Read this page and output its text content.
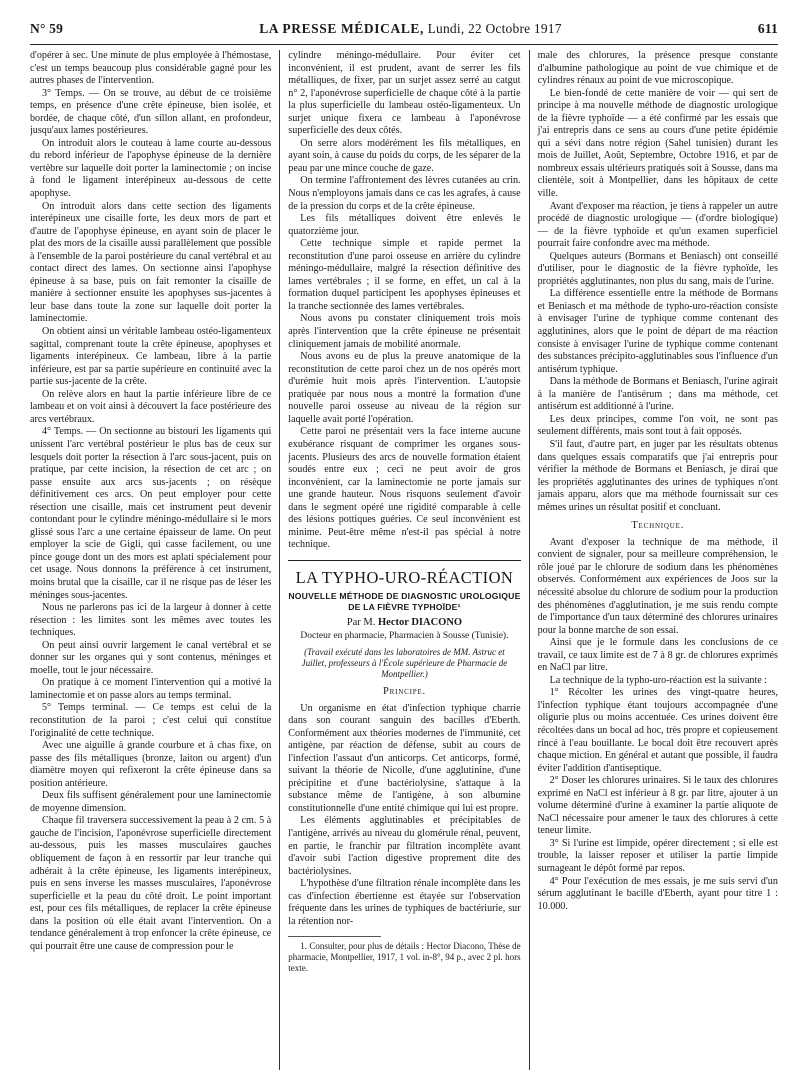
N° 59	LA PRESSE MÉDICALE, Lundi, 22 Octobre 1917	611

d'opérer à sec. Une minute de plus employée à l'hémostase, c'est un temps beaucoup plus considérable gagné pour les autres phases de l'intervention.

3° Temps. — On se trouve, au début de ce troisième temps, en présence d'une crête épineuse, bien isolée, et bordée, de chaque côté, d'un sillon allant, en profondeur, jusqu'aux lames postérieures.

On introduit alors le couteau à lame courte au-dessous du rebord inférieur de l'apophyse épineuse de la dernière vertèbre sur laquelle doit porter la laminectomie ; on incise à fond le ligament interépineux au-dessous de cette apophyse.

On introduit alors dans cette section des ligaments interépineux une cisaille forte, les deux mors de part et d'autre de l'apophyse épineuse, en ayant soin de placer le plat des mors de la cisaille aussi parallèlement que possible à l'ensemble de la paroi postérieure du canal vertébral et au contact direct des lames. On sectionne ainsi l'apophyse épineuse à sa base, puis on fait remonter la cisaille de manière à sectionner ensuite les apophyses sus-jacentes à leur base dans toute la zone sur laquelle doit porter la laminectomie.

On obtient ainsi un véritable lambeau ostéo-ligamenteux sagittal, comprenant toute la crête épineuse, apophyses et ligaments interépineux. Ce lambeau, libre à la partie inférieure, est par sa partie supérieure en continuité avec la partie sus-jacente de la crête.

On relève alors en haut la partie inférieure libre de ce lambeau et on voit ainsi à découvert la face postérieure des arcs vertébraux.

4° Temps. — On sectionne au bistouri les ligaments qui unissent l'arc vertébral postérieur le plus bas de ceux sur lesquels doit porter la résection à l'arc sous-jacent, puis on pratique, par cette incision, la résection de cet arc ; on passe ensuite aux arcs sus-jacents ; on résèque définitivement ces arcs. On peut employer pour cette résection une cisaille, mais cet instrument peut devenir contondant pour le cylindre méningo-médullaire si le mors glissé sous l'arc a une certaine épaisseur de lame. On peut employer la scie de Gigli, qui casse facilement, ou une pince gouge dont un des mors est aplati spécialement pour cet usage. Nous donnons la préférence à cet instrument, moins brutal que la cisaille, car il ne risque pas de léser les méninges sous-jacentes.

Nous ne parlerons pas ici de la largeur à donner à cette résection : les limites sont les mêmes avec toutes les techniques.

On peut ainsi ouvrir largement le canal vertébral et se donner sur les organes qui y sont contenus, méninges et moelle, tout le jour nécessaire.

On pratique à ce moment l'intervention qui a motivé la laminectomie et on passe alors au temps terminal.

5° Temps terminal. — Ce temps est celui de la reconstitution de la paroi ; c'est celui qui constitue l'originalité de cette technique.

Avec une aiguille à grande courbure et à chas fixe, on passe des fils métalliques (bronze, laiton ou argent) d'un diamètre moyen qui refixeront la crête épineuse dans sa position antérieure.

Deux fils suffisent généralement pour une laminectomie de moyenne dimension.

Chaque fil traversera successivement la peau à 2 cm. 5 à gauche de l'incision, l'aponévrose superficielle directement au-dessous, puis les masses musculaires gauches obliquement de façon à en ressortir par leur tranche qui adhérait à la crête épineuse, les ligaments interépineux, puis en sens inverse les masses musculaires, l'aponévrose superficielle et la peau du côté droit. Le point important est, pour ces fils métalliques, de replacer la crête épineuse dans la position où elle était avant l'intervention. On a tendance généralement à trop enfoncer la crête épineuse, ce qui pourrait être une cause de compression pour le

cylindre méningo-médullaire. Pour éviter cet inconvénient, il est prudent, avant de serrer les fils métalliques, de fixer, par un surjet assez serré au catgut n° 2, l'aponévrose superficielle de chaque côté à la partie la plus superficielle du lambeau ostéo-ligamenteux. Un surjet unique fixera ce lambeau à l'aponévrose superficielle des deux côtés.

On serre alors modérément les fils métalliques, en ayant soin, à cause du poids du corps, de les séparer de la peau par une mince couche de gaze.

On termine l'affrontement des lèvres cutanées au crin. Nous n'employons jamais dans ce cas les agrafes, à cause de la pression du corps et de la crête épineuse.

Les fils métalliques doivent être enlevés le quatorzième jour.

Cette technique simple et rapide permet la reconstitution d'une paroi osseuse en arrière du cylindre méningo-médullaire, malgré la résection définitive des lames vertébrales ; il se forme, en effet, un cal à la formation duquel participent les apophyses épineuses et la tranche sectionnée des lames vertébrales.

Nous avons pu constater cliniquement trois mois après l'intervention que la crête épineuse ne présentait cliniquement jamais de mobilité anormale.

Nous avons eu de plus la preuve anatomique de la reconstitution de cette paroi chez un de nos opérés mort d'urémie huit mois après l'intervention. L'autopsie pratiquée par nous nous a montré la formation d'une nouvelle paroi osseuse au niveau de la région sur laquelle avait porté l'opération.

Cette paroi ne présentait vers la face interne aucune exubérance risquant de comprimer les organes sous-jacents. Plusieurs des arcs de nouvelle formation étaient soudés entre eux ; ceci ne peut avoir de gros inconvénient, car la laminectomie ne porte jamais sur une grande hauteur. Nous risquons seulement d'avoir dans le segment opéré une rigidité comparable à celle des lésions pottiques guéries. Ce seul inconvénient est minime. Peut-être même n'est-il pas spécial à notre technique.

LA TYPHO-URO-RÉACTION
NOUVELLE MÉTHODE DE DIAGNOSTIC UROLOGIQUE DE LA FIÈVRE TYPHOÏDE¹
Par M. Hector DIACONO
Docteur en pharmacie, Pharmacien à Sousse (Tunisie).
(Travail exécuté dans les laboratoires de MM. Astruc et Juillet, professeurs à l'École supérieure de Pharmacie de Montpellier.)
Principe.

Un organisme en état d'infection typhique charrie dans son courant sanguin des bacilles d'Eberth. Conformément aux théories modernes de l'immunité, cet antigène, par réaction de défense, subit au cours de l'infection l'assaut d'un anticorps. Cet anticorps, formé, suivant la théorie de Nicolle, d'une agglutinine, d'une précipitine et d'une bactériolysine, s'attaque à la substance même de l'antigène, à son albumine constitutionnelle d'une entité chimique qui lui est propre.

Les éléments agglutinables et précipitables de l'antigène, arrivés au niveau du glomérule rénal, peuvent, en partie, le franchir par filtration incomplète avant d'avoir subi l'action digestive proprement dite des bactériolysines.

L'hypothèse d'une filtration rénale incomplète dans les cas d'infection ébertienne est étayée sur l'observation fréquente dans les urines de typhiques de bactériurie, sur la rétention nor-

1. Consulter, pour plus de détails : Hector Diacono, Thèse de pharmacie, Montpellier, 1917, 1 vol. in-8°, 94 p., avec 2 pl. hors texte.

male des chlorures, la présence presque constante d'albumine pathologique au point de vue chimique et de cylindres rénaux au point de vue microscopique.

Le bien-fondé de cette manière de voir — qui sert de principe à ma nouvelle méthode de diagnostic urologique de la fièvre typhoïde — a été confirmé par les essais que j'ai entrepris dans ce sens au cours d'une petite épidémie qui a sévi dans notre région (Sahel tunisien) durant les mois de Juillet, Août, Septembre, Octobre 1916, et par de nombreux essais ultérieurs pratiqués soit à Sousse, dans ma clientèle, soit à Montpellier, dans les hôpitaux de cette ville.

Avant d'exposer ma réaction, je tiens à rappeler un autre procédé de diagnostic urologique — (d'ordre biologique) — de la fièvre typhoïde et qu'un examen superficiel pourrait faire confondre avec ma méthode.

Quelques auteurs (Bormans et Beniasch) ont conseillé d'utiliser, pour le diagnostic de la fièvre typhoïde, les propriétés agglutinantes, non plus du sang, mais de l'urine.

La différence essentielle entre la méthode de Bormans et Beniasch et ma méthode de typho-uro-réaction consiste à envisager l'urine de typhique comme contenant des agglutinines, alors que le point de départ de ma réaction consiste à envisager l'urine de typhique comme contenant des substances précipito-agglutinables sous l'influence d'un antisérum typhique.

Dans la méthode de Bormans et Beniasch, l'urine agirait à la manière de l'antisérum ; dans ma méthode, cet antisérum est additionné à l'urine.

Les deux principes, comme l'on voit, ne sont pas seulement différents, mais sont tout à fait opposés.

S'il faut, d'autre part, en juger par les résultats obtenus dans quelques essais comparatifs que j'ai entrepris pour vérifier la méthode de Bormans et Beniasch, je dirai que les propriétés agglutinantes des urines de typhiques n'ont jamais apparu, alors que ma méthode fournissait sur ces mêmes urines un résultat positif et concluant.

Technique.

Avant d'exposer la technique de ma méthode, il convient de signaler, pour sa meilleure compréhension, le rôle joué par le chlorure de sodium dans les phénomènes observés. Conformément aux expériences de Joos sur la nécessité absolue du chlorure de sodium pour la production des phénomènes d'agglutination, je me suis rendu compte de l'importance d'un taux déterminé des chlorures urinaires pour la bonne marche de son essai.

Ainsi que je le formule dans les conclusions de ce travail, ce taux limite est de 7 à 8 gr. de chlorures exprimés en NaCl par litre.

La technique de la typho-uro-réaction est la suivante :

1° Récolter les urines des vingt-quatre heures, l'infection typhique étant toujours accompagnée d'une oligurie plus ou moins accentuée. Ces urines doivent être récoltées dans un bocal ad hoc, très propre et copieusement rincé à l'eau bouillante. Le bocal doit être recouvert après chaque miction. En général et autant que possible, il faudra éviter l'addition d'antiseptique.

2° Doser les chlorures urinaires. Si le taux des chlorures exprimé en NaCl est inférieur à 8 gr. par litre, ajouter à un volume déterminé d'urine à examiner la partie aliquote de NaCl nécessaire pour amener le taux des chlorures à cette teneur limite.

3° Si l'urine est limpide, opérer directement ; si elle est trouble, la laisser reposer et utiliser la partie limpide surnageant le dépôt formé par repos.

4° Pour l'exécution de mes essais, je me suis servi d'un sérum agglutinant le bacille d'Eberth, ayant pour titre 1 : 10.000.
